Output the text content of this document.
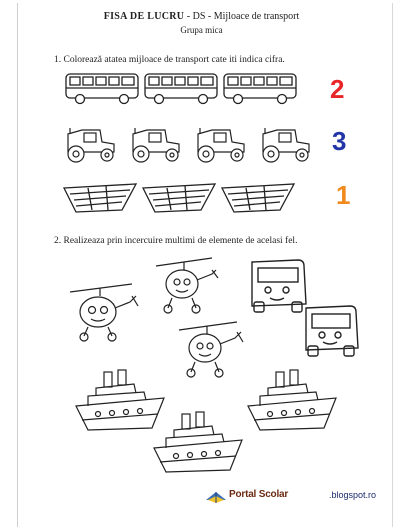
FISA DE LUCRU - DS - Mijloace de transport
Grupa mica
1. Colorează atatea mijloace de transport cate iti indica cifra.
2
3
1
2. Realizeaza prin incercuire multimi de elemente de acelasi fel.
Portal Scolar	.blogspot.ro
